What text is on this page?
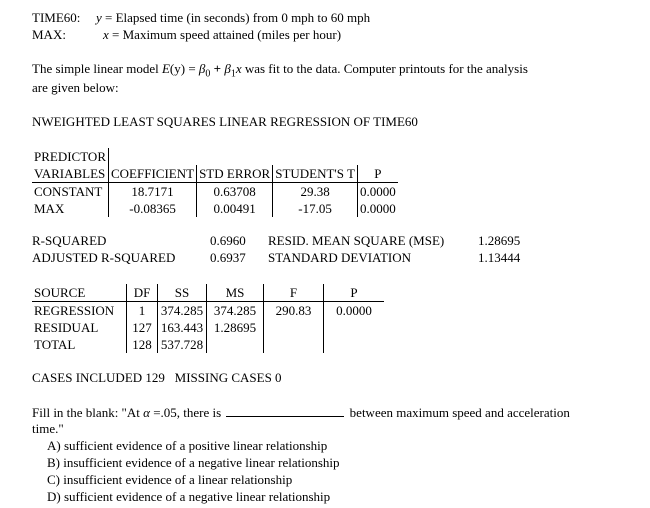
TIME60: y = Elapsed time (in seconds) from 0 mph to 60 mph
MAX:	x = Maximum speed attained (miles per hour)
The simple linear model $E(y) = \beta_0 + \beta_1x$ was fit to the data. Computer printouts for the analysis
are given below:
NWEIGHTED LEAST SQUARES LINEAR REGRESSION OF TIME60
PREDICTOR				
VARIABLES	COEFFICIENT	STD ERROR	STUDENT'S T	P
CONSTANT	18.7171	0.63708	29.38	0.0000
MAX	-0.08365	0.00491	-17.05	0.0000
R-SQUARED	0.6960 RESID. MEAN SQUARE (MSE)	1.28695
ADJUSTED R-SQUARED	0.6937 STANDARD DEVIATION	1.13444
SOURCE	DF	SS	MS	F	P
REGRESSION	1	374.285	374.285	290.83	0.0000
RESIDUAL	127	163.443	1.28695		
TOTAL	128	537.728			
CASES INCLUDED 129   MISSING CASES 0
Fill in the blank: "At α =.05, there is	between maximum speed and acceleration
time."
A) sufficient evidence of a positive linear relationship
B) insufficient evidence of a negative linear relationship
C) insufficient evidence of a linear relationship
D) sufficient evidence of a negative linear relationship
